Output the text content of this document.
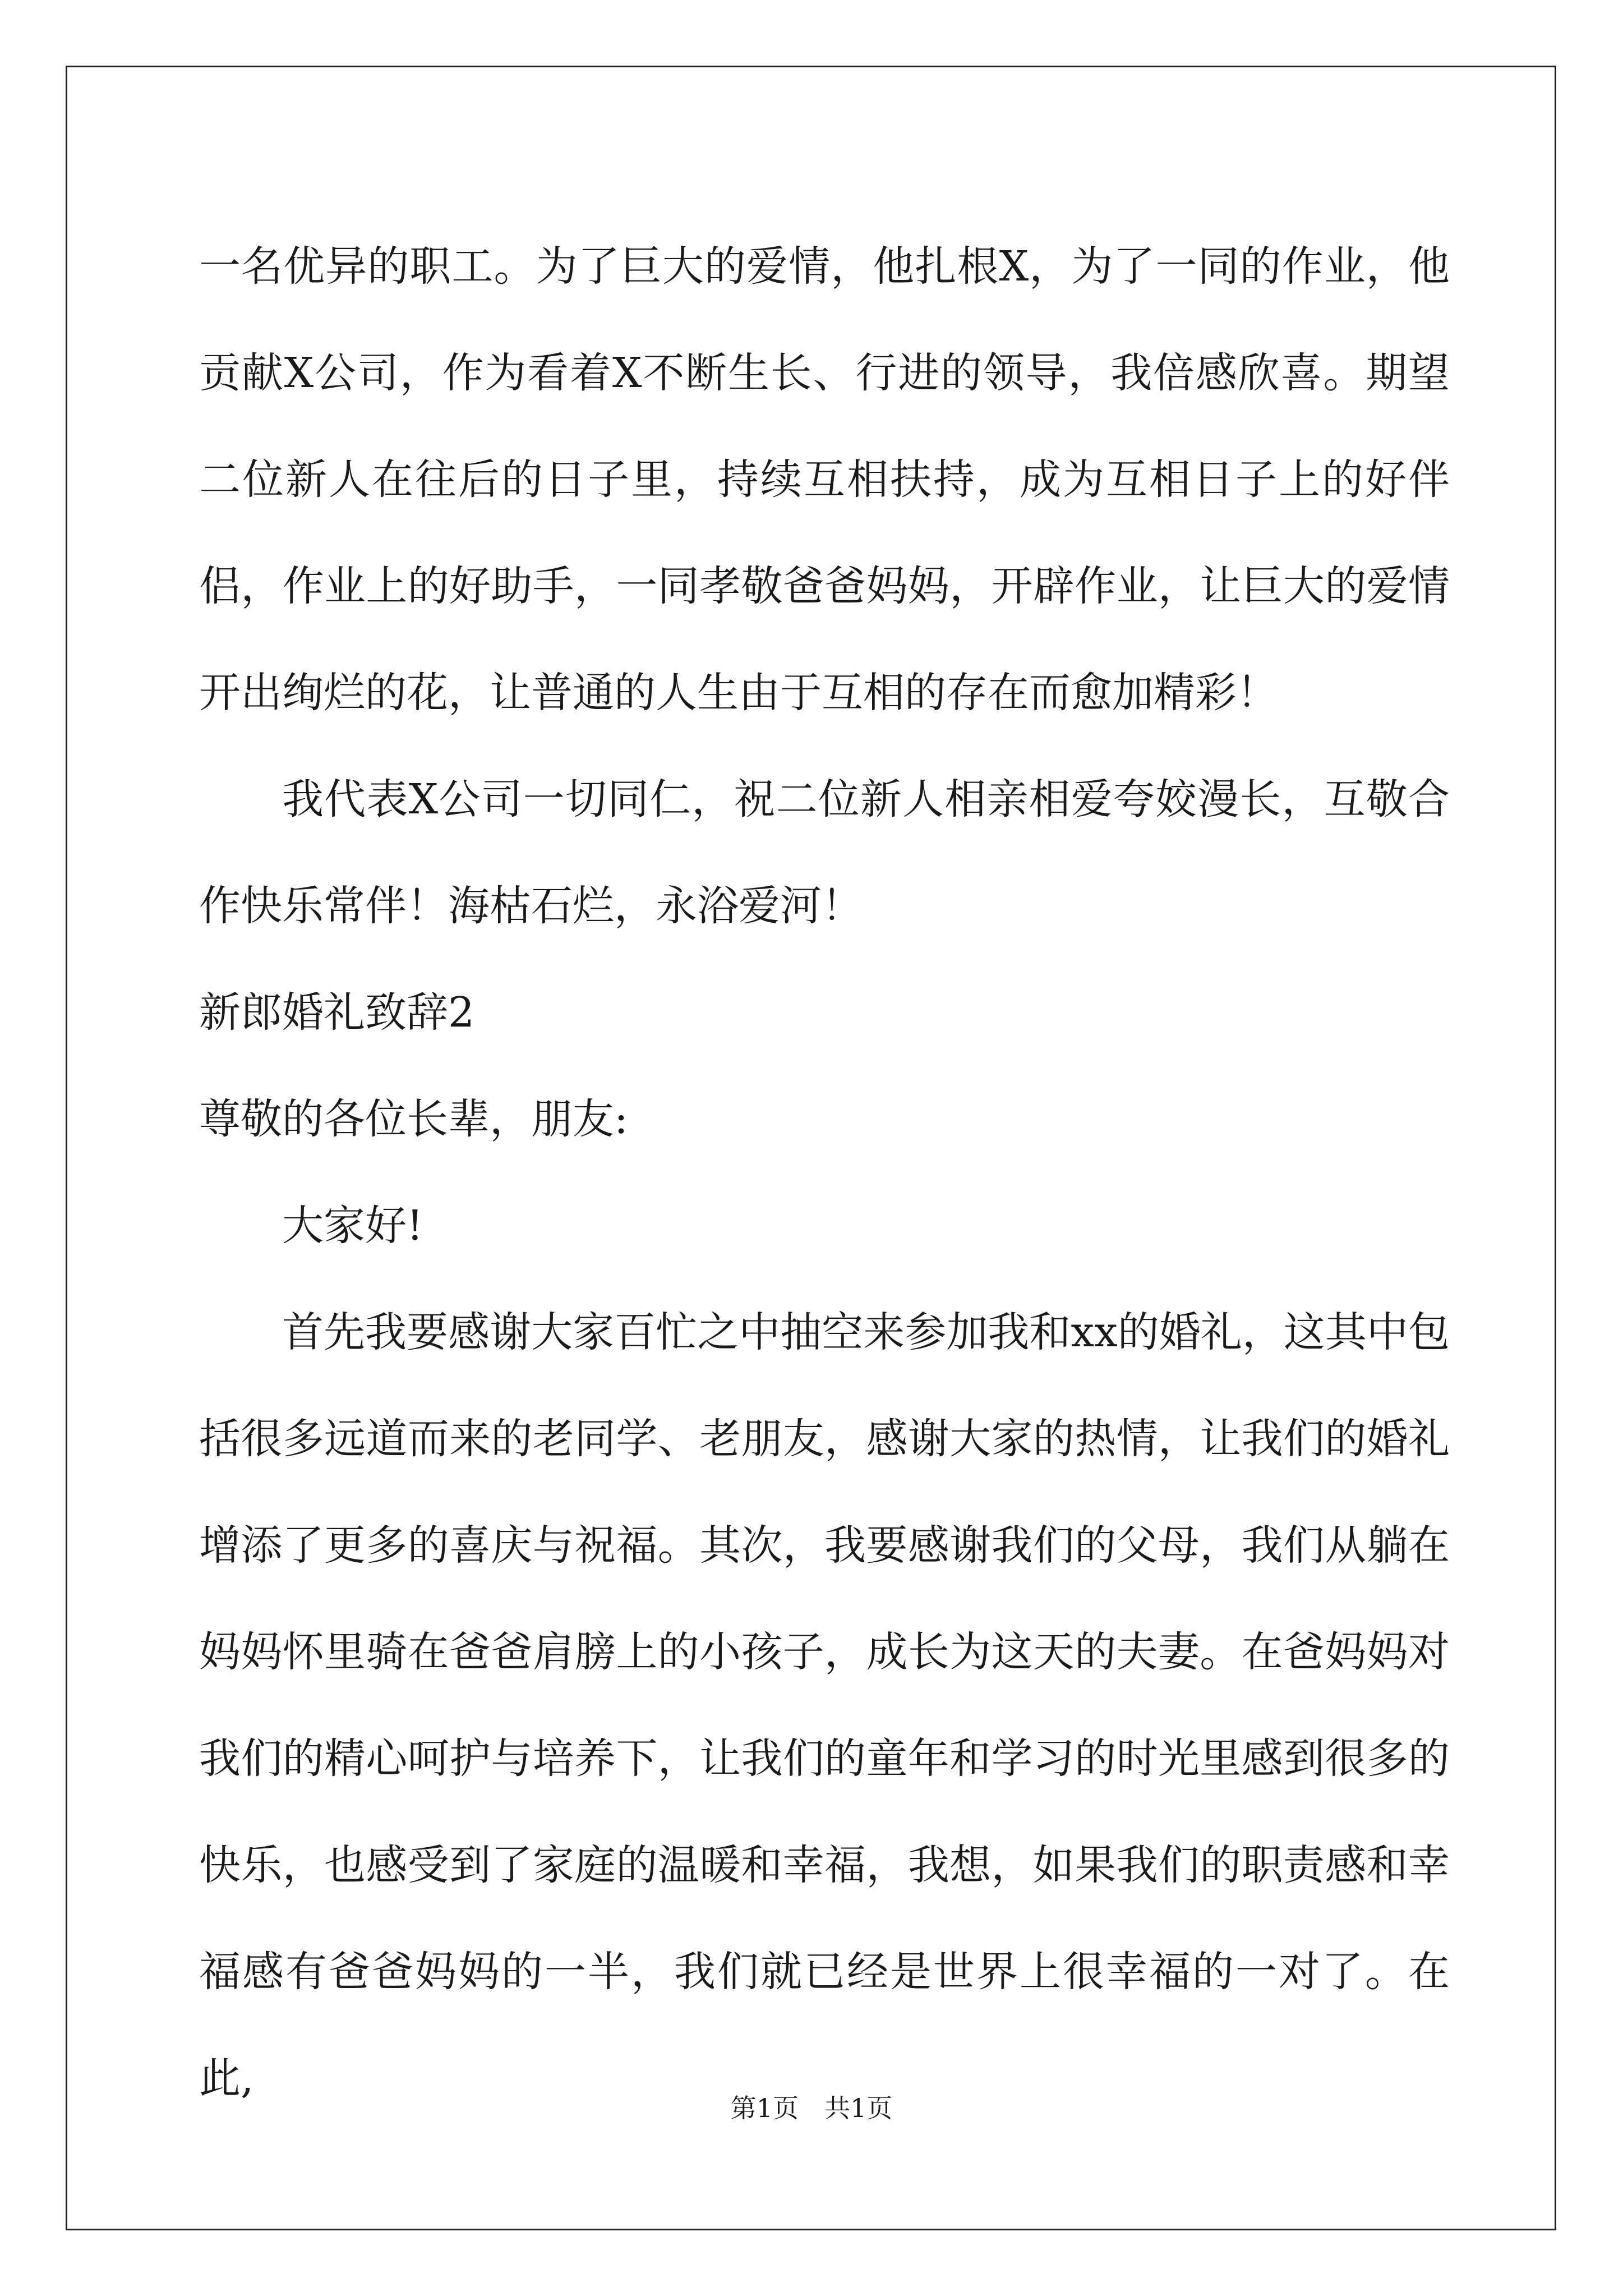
一名优异的职工。为了巨大的爱情，他扎根X，为了一同的作业，他贡献X公司，作为看着X不断生长、行进的领导，我倍感欣喜。期望二位新人在往后的日子里，持续互相扶持，成为互相日子上的好伴侣，作业上的好助手，一同孝敬爸爸妈妈，开辟作业，让巨大的爱情开出绚烂的花，让普通的人生由于互相的存在而愈加精彩！

我代表X公司一切同仁，祝二位新人相亲相爱夸姣漫长，互敬合作快乐常伴！海枯石烂，永浴爱河！

新郎婚礼致辞2

尊敬的各位长辈，朋友:

大家好!

首先我要感谢大家百忙之中抽空来参加我和xx的婚礼，这其中包括很多远道而来的老同学、老朋友，感谢大家的热情，让我们的婚礼增添了更多的喜庆与祝福。其次，我要感谢我们的父母，我们从躺在妈妈怀里骑在爸爸肩膀上的小孩子，成长为这天的夫妻。在爸妈妈对我们的精心呵护与培养下，让我们的童年和学习的时光里感到很多的快乐，也感受到了家庭的温暖和幸福，我想，如果我们的职责感和幸福感有爸爸妈妈的一半，我们就已经是世界上很幸福的一对了。在此,

第1页　共1页
